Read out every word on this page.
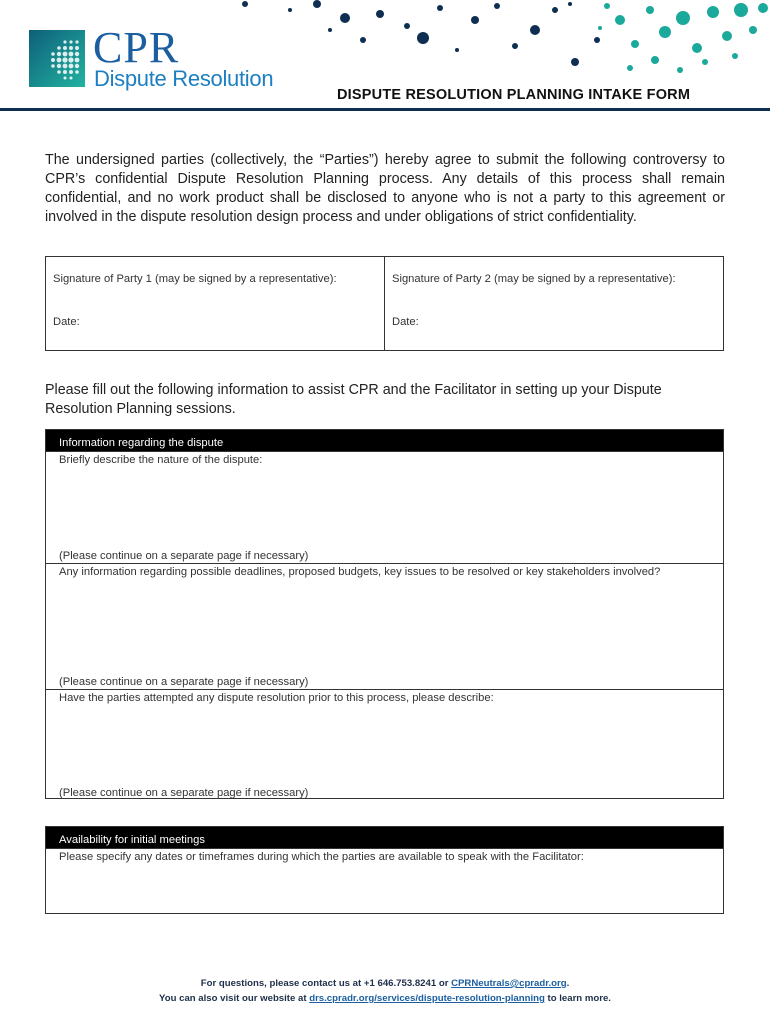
CPR
Dispute Resolution
DISPUTE RESOLUTION PLANNING INTAKE FORM
The undersigned parties (collectively, the “Parties”) hereby agree to submit the following controversy to CPR’s confidential Dispute Resolution Planning process. Any details of this process shall remain confidential, and no work product shall be disclosed to anyone who is not a party to this agreement or involved in the dispute resolution design process and under obligations of strict confidentiality.
Signature of Party 1 (may be signed by a representative):
Date:
Signature of Party 2 (may be signed by a representative):
Date:
Please fill out the following information to assist CPR and the Facilitator in setting up your Dispute Resolution Planning sessions.
Information regarding the dispute
Briefly describe the nature of the dispute:
(Please continue on a separate page if necessary)
Any information regarding possible deadlines, proposed budgets, key issues to be resolved or key stakeholders involved?
(Please continue on a separate page if necessary)
Have the parties attempted any dispute resolution prior to this process, please describe:
(Please continue on a separate page if necessary)
Availability for initial meetings
Please specify any dates or timeframes during which the parties are available to speak with the Facilitator:
For questions, please contact us at +1 646.753.8241 or CPRNeutrals@cpradr.org.
You can also visit our website at drs.cpradr.org/services/dispute-resolution-planning to learn more.
